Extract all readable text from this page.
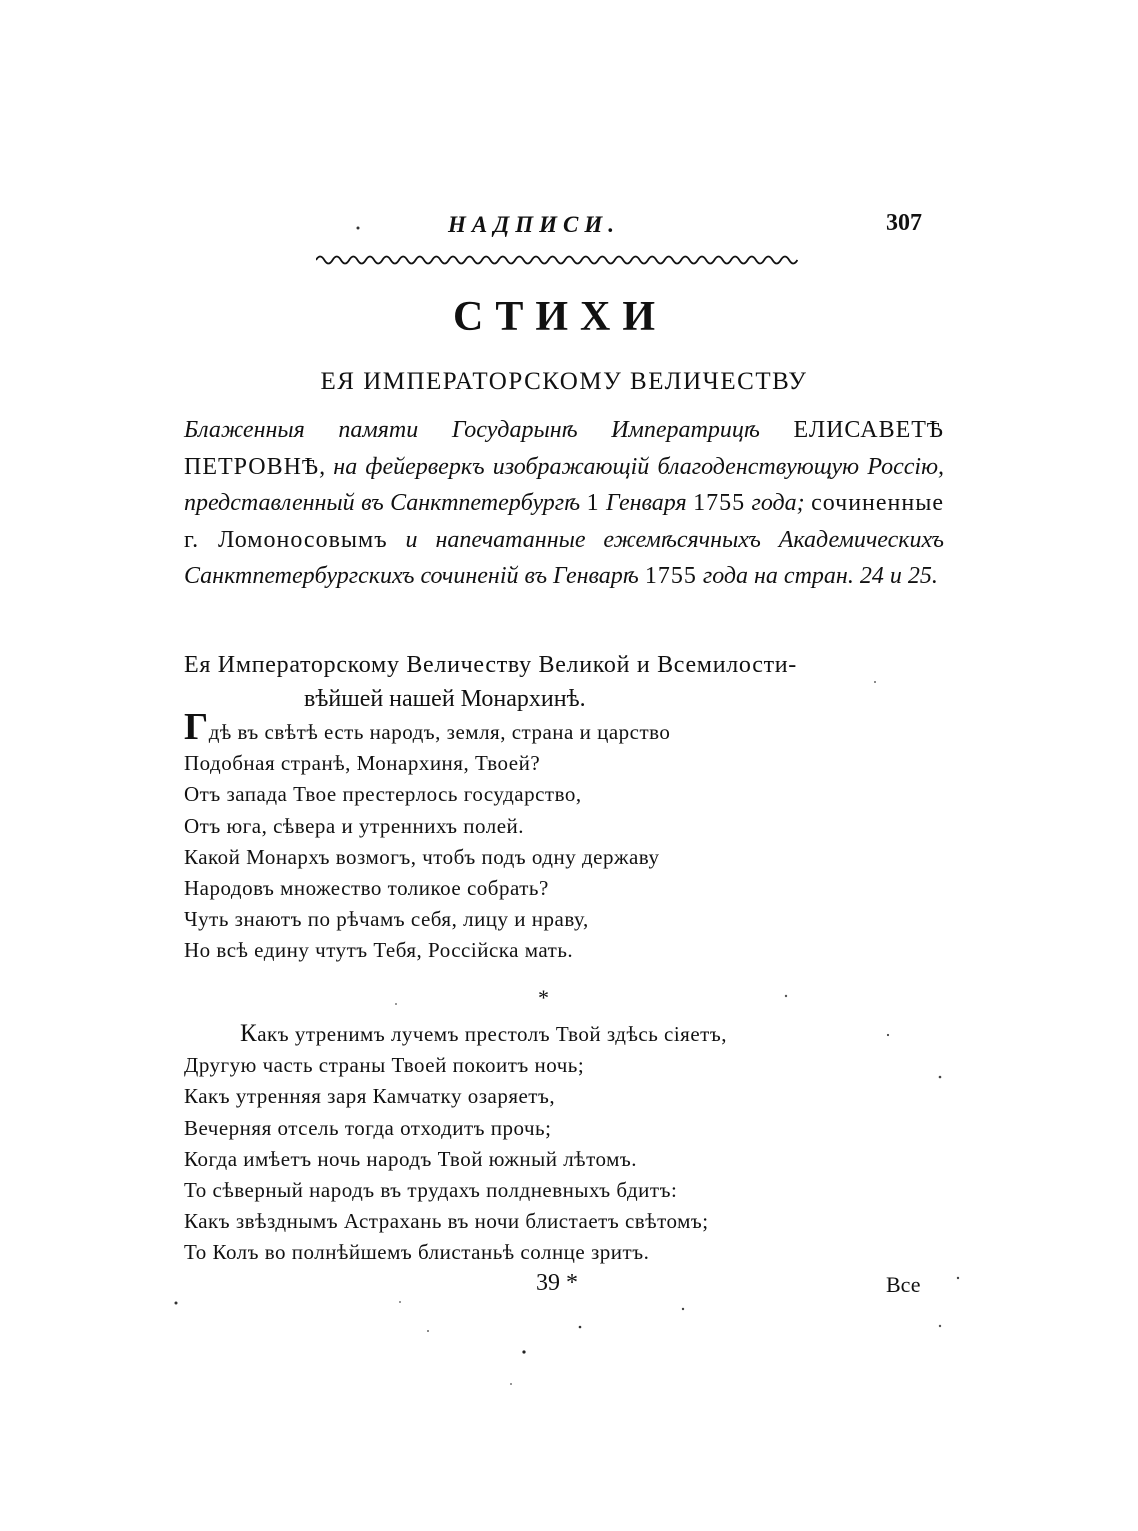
НАДПИСИ.	307
СТИХИ
ЕЯ ИМПЕРАТОРСКОМУ ВЕЛИЧЕСТВУ
Блаженныя памяти Государынѣ Императрицѣ ЕЛИСАВЕТѢ ПЕТРОВНѢ, на фейерверкъ изображающій благоденствующую Россію, представленный въ Санктпетербургѣ 1 Генваря 1755 года; сочиненные г. Ломоносовымъ и напечатанные ежемѣсячныхъ Академическихъ Санктпетербургскихъ сочиненій въ Генварѣ 1755 года на стран. 24 и 25.
Ея Императорскому Величеству Великой и Всемилости-
вѣйшей нашей Монархинѣ.
Гдѣ въ свѣтѣ есть народъ, земля, страна и царство
Подобная странѣ, Монархиня, Твоей?
Отъ запада Твое престерлось государство,
Отъ юга, сѣвера и утреннихъ полей.
Какой Монархъ возмогъ, чтобъ подъ одну державу
Народовъ множество толикое собрать?
Чуть знаютъ по рѣчамъ себя, лицу и нраву,
Но всѣ едину чтутъ Тебя, Россійска мать.
*
Какъ утренимъ лучемъ престолъ Твой здѣсь сіяетъ,
Другую часть страны Твоей покоитъ ночь;
Какъ утренняя заря Камчатку озаряетъ,
Вечерняя отсель тогда отходитъ прочь;
Когда имѣетъ ночь народъ Твой южный лѣтомъ.
То сѣверный народъ въ трудахъ полдневныхъ бдитъ:
Какъ звѣзднымъ Астрахань въ ночи блистаетъ свѣтомъ;
То Колъ во полнѣйшемъ блистаньѣ солнце зритъ.
39 *	Все
